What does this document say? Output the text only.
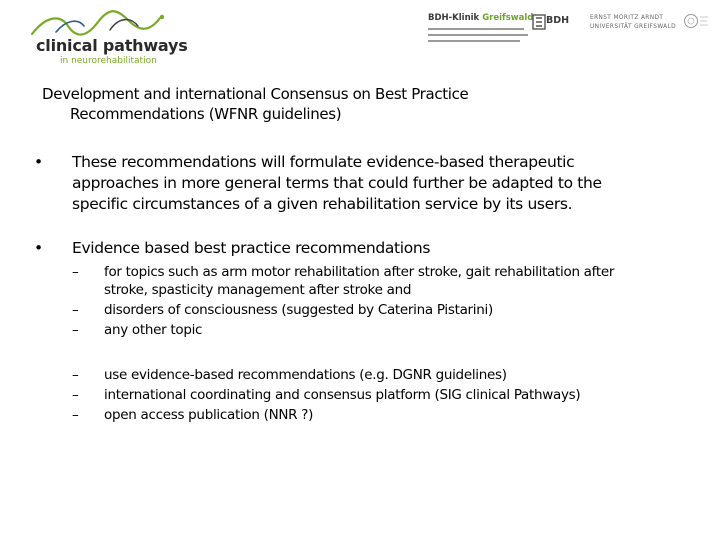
clinical pathways
in neurorehabilitation
BDH-Klinik Greifswald BDH	ERNST MORITZ ARNDT
UNIVERSITÄT GREIFSWALD
Development and international Consensus on Best Practice
Recommendations (WFNR guidelines)
•	These recommendations will formulate evidence-based therapeutic
approaches in more general terms that could further be adapted to the
specific circumstances of a given rehabilitation service by its users.
•	Evidence based best practice recommendations
–	for topics such as arm motor rehabilitation after stroke, gait rehabilitation after
stroke, spasticity management after stroke and
–	disorders of consciousness (suggested by Caterina Pistarini)
–	any other topic
–	use evidence-based recommendations (e.g. DGNR guidelines)
–	international coordinating and consensus platform (SIG clinical Pathways)
–	open access publication (NNR ?)
